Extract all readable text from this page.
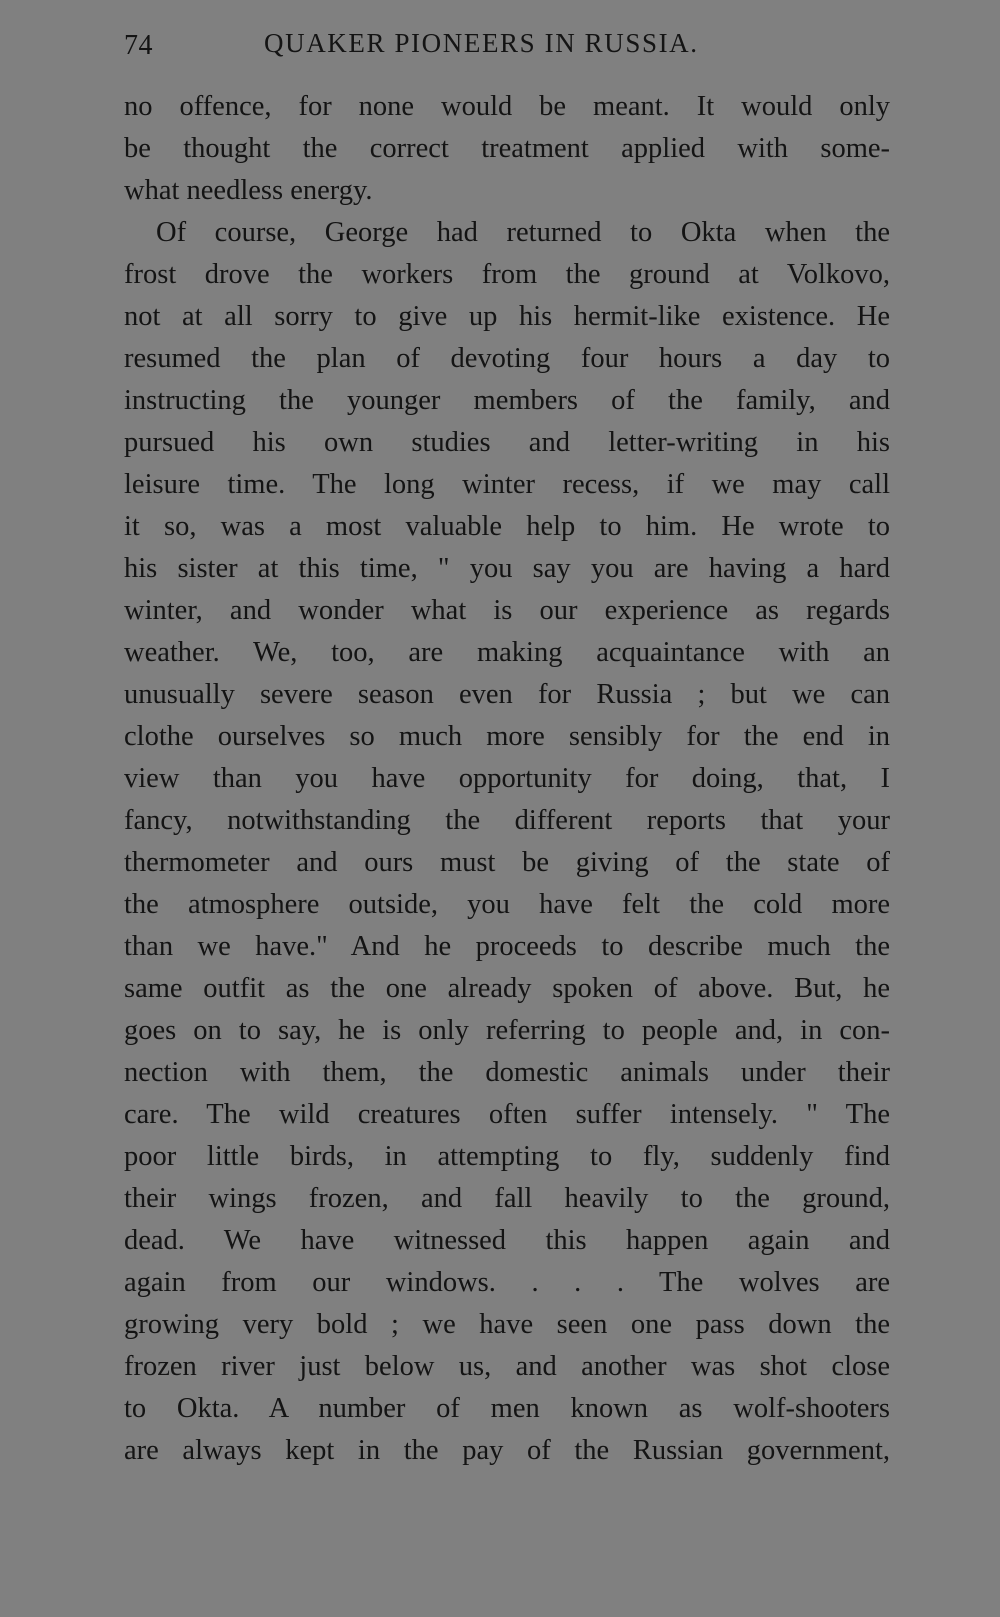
74	QUAKER PIONEERS IN RUSSIA.
no offence, for none would be meant. It would only
be thought the correct treatment applied with some-
what needless energy.
Of course, George had returned to Okta when the
frost drove the workers from the ground at Volkovo,
not at all sorry to give up his hermit-like existence. He
resumed the plan of devoting four hours a day to
instructing the younger members of the family, and
pursued his own studies and letter-writing in his
leisure time. The long winter recess, if we may call
it so, was a most valuable help to him. He wrote to
his sister at this time, " you say you are having a hard
winter, and wonder what is our experience as regards
weather. We, too, are making acquaintance with an
unusually severe season even for Russia ; but we can
clothe ourselves so much more sensibly for the end in
view than you have opportunity for doing, that, I
fancy, notwithstanding the different reports that your
thermometer and ours must be giving of the state of
the atmosphere outside, you have felt the cold more
than we have." And he proceeds to describe much the
same outfit as the one already spoken of above. But, he
goes on to say, he is only referring to people and, in con-
nection with them, the domestic animals under their
care. The wild creatures often suffer intensely. " The
poor little birds, in attempting to fly, suddenly find
their wings frozen, and fall heavily to the ground,
dead. We have witnessed this happen again and
again from our windows. . . . The wolves are
growing very bold ; we have seen one pass down the
frozen river just below us, and another was shot close
to Okta. A number of men known as wolf-shooters
are always kept in the pay of the Russian government,
